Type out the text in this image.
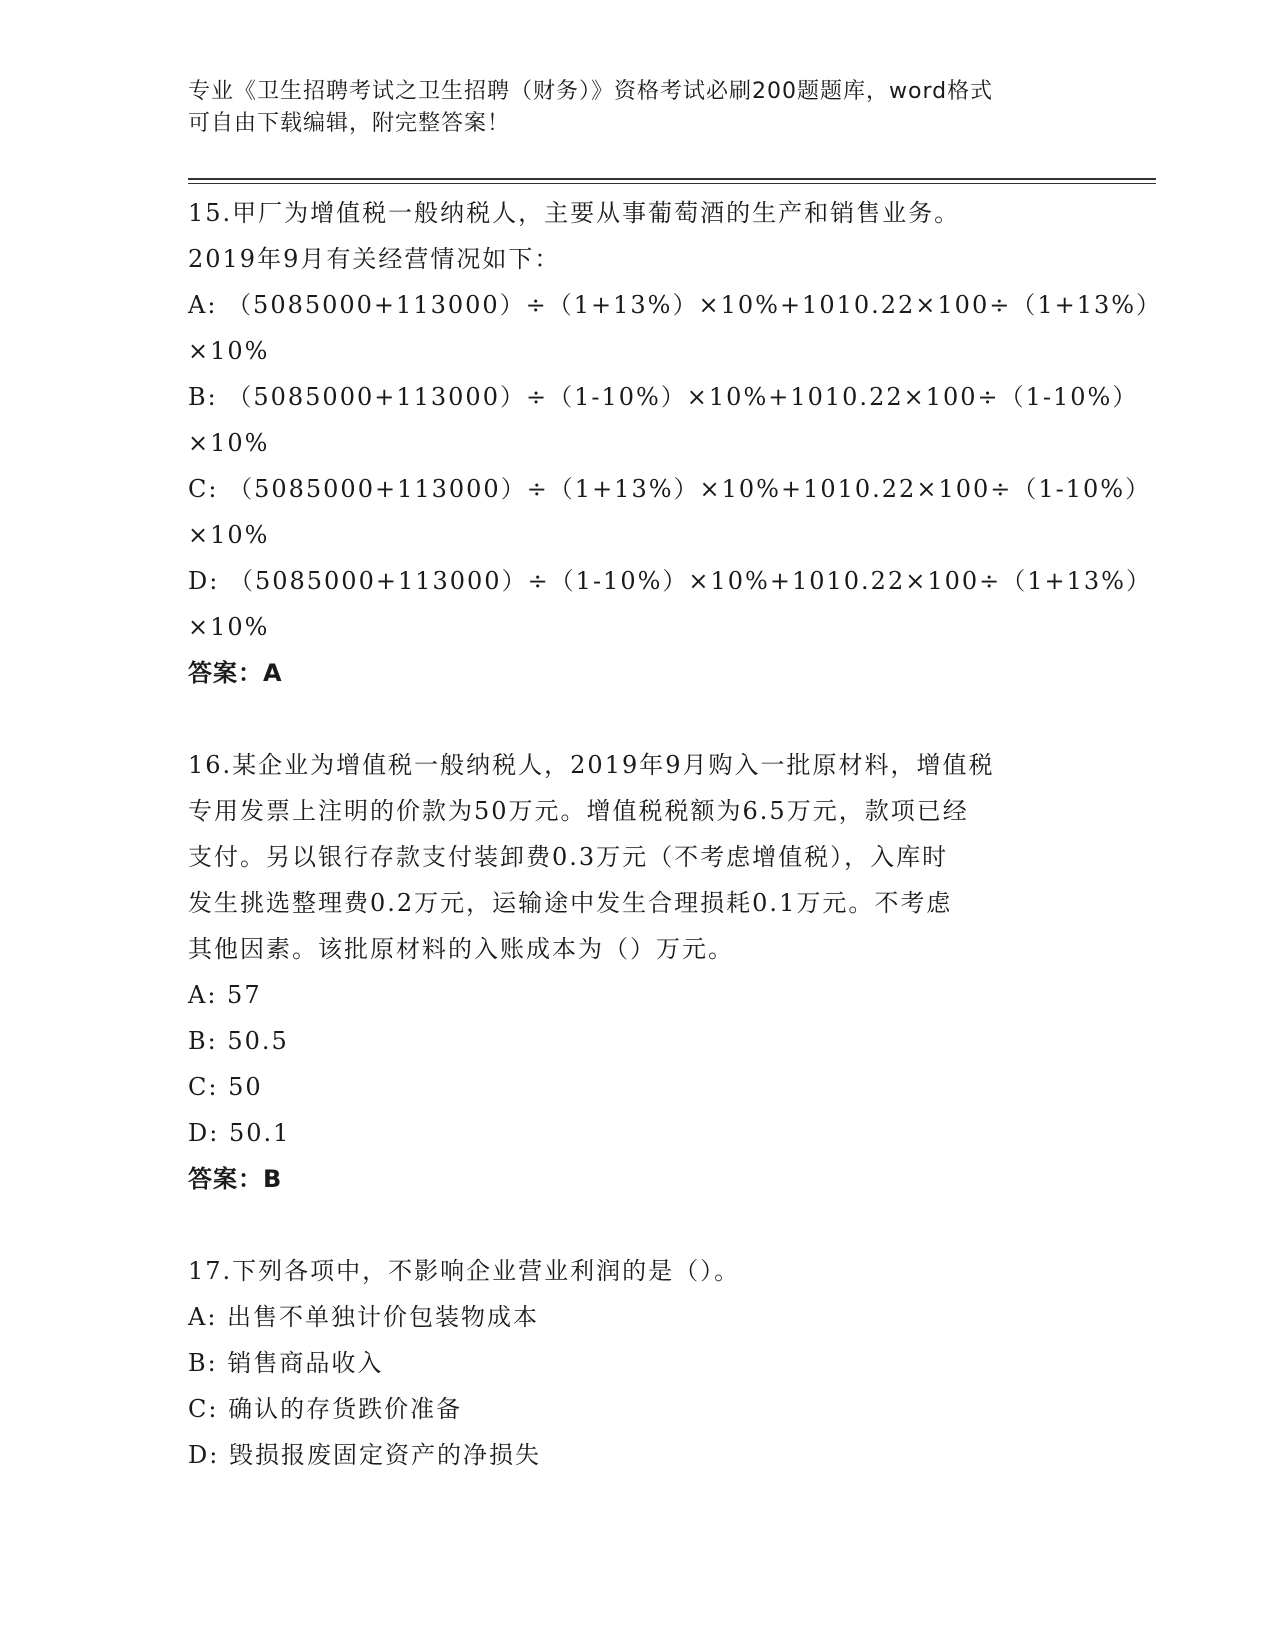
专业《卫生招聘考试之卫生招聘（财务）》资格考试必刷200题题库，word格式
可自由下载编辑，附完整答案！
15.甲厂为增值税一般纳税人，主要从事葡萄酒的生产和销售业务。
2019年9月有关经营情况如下：
A: （5085000+113000）÷（1+13%）×10%+1010.22×100÷（1+13%）
×10%
B: （5085000+113000）÷（1-10%）×10%+1010.22×100÷（1-10%）
×10%
C: （5085000+113000）÷（1+13%）×10%+1010.22×100÷（1-10%）
×10%
D: （5085000+113000）÷（1-10%）×10%+1010.22×100÷（1+13%）
×10%
答案：A
16.某企业为增值税一般纳税人，2019年9月购入一批原材料，增值税
专用发票上注明的价款为50万元。增值税税额为6.5万元，款项已经
支付。另以银行存款支付装卸费0.3万元（不考虑增值税），入库时
发生挑选整理费0.2万元，运输途中发生合理损耗0.1万元。不考虑
其他因素。该批原材料的入账成本为（）万元。
A: 57
B: 50.5
C: 50
D: 50.1
答案：B
17.下列各项中，不影响企业营业利润的是（）。
A: 出售不单独计价包装物成本
B: 销售商品收入
C: 确认的存货跌价准备
D: 毁损报废固定资产的净损失
